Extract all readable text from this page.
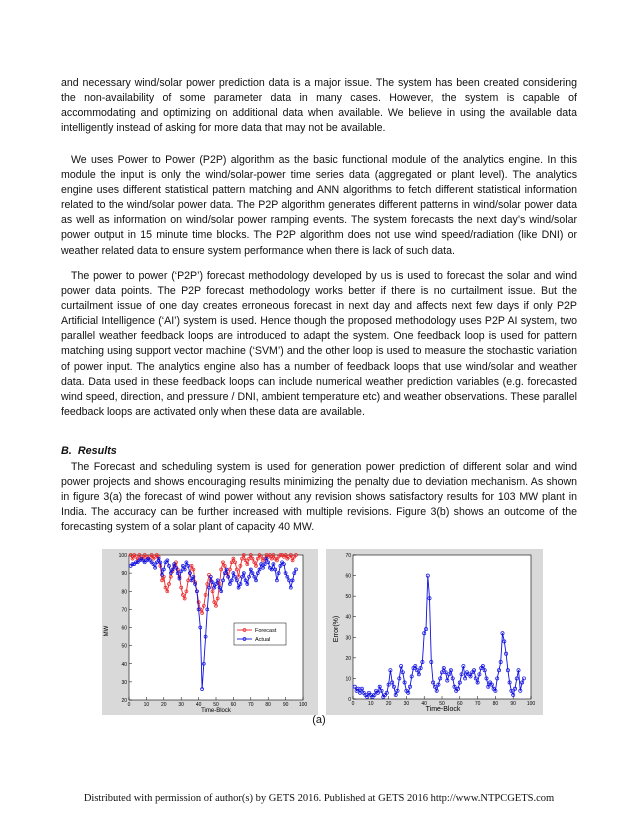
and necessary wind/solar power prediction data is a major issue. The system has been created considering the non-availability of some parameter data in many cases. However, the system is capable of accommodating and optimizing on additional data when available. We believe in using the available data intelligently instead of asking for more data that may not be available.

We uses Power to Power (P2P) algorithm as the basic functional module of the analytics engine. In this module the input is only the wind/solar-power time series data (aggregated or plant level). The analytics engine uses different statistical pattern matching and ANN algorithms to fetch different statistical information related to the wind/solar power data. The P2P algorithm generates different patterns in wind/solar power data as well as information on wind/solar power ramping events. The system forecasts the next day’s wind/solar power output in 15 minute time blocks. The P2P algorithm does not use wind speed/radiation (like DNI) or weather related data to ensure system performance when there is lack of such data.

The power to power (‘P2P’) forecast methodology developed by us is used to forecast the solar and wind power data points. The P2P forecast methodology works better if there is no curtailment issue. But the curtailment issue of one day creates erroneous forecast in next day and affects next few days if only P2P Artificial Intelligence (‘AI’) system is used. Hence though the proposed methodology uses P2P AI system, two parallel weather feedback loops are introduced to adapt the system. One feedback loop is used for pattern matching using support vector machine (‘SVM’) and the other loop is used to measure the stochastic variation of power input. The analytics engine also has a number of feedback loops that use wind/solar and weather data. Data used in these feedback loops can include numerical weather prediction variables (e.g. forecasted wind speed, direction, and pressure / DNI, ambient temperature etc) and weather observations. These parallel feedback loops are activated only when these data are available.

B. Results

The Forecast and scheduling system is used for generation power prediction of different solar and wind power projects and shows encouraging results minimizing the penalty due to deviation mechanism. As shown in figure 3(a) the forecast of wind power without any revision shows satisfactory results for 103 MW plant in India. The accuracy can be further increased with multiple revisions. Figure 3(b) shows an outcome of the forecasting system of a solar plant of capacity 40 MW.

20
30
40
50
60
70
80
90
100
0	10 20 30 40 50 60 70 80 90 100
Forecast
Actual
MW
Time-Block
0
10
20
30
40
50
60
70
0	10 20 30 40 50 60 70 80 90 100
Error(%)
Time-Block
(a)
Distributed with permission of author(s) by GETS 2016. Published at GETS 2016 http://www.NTPCGETS.com
